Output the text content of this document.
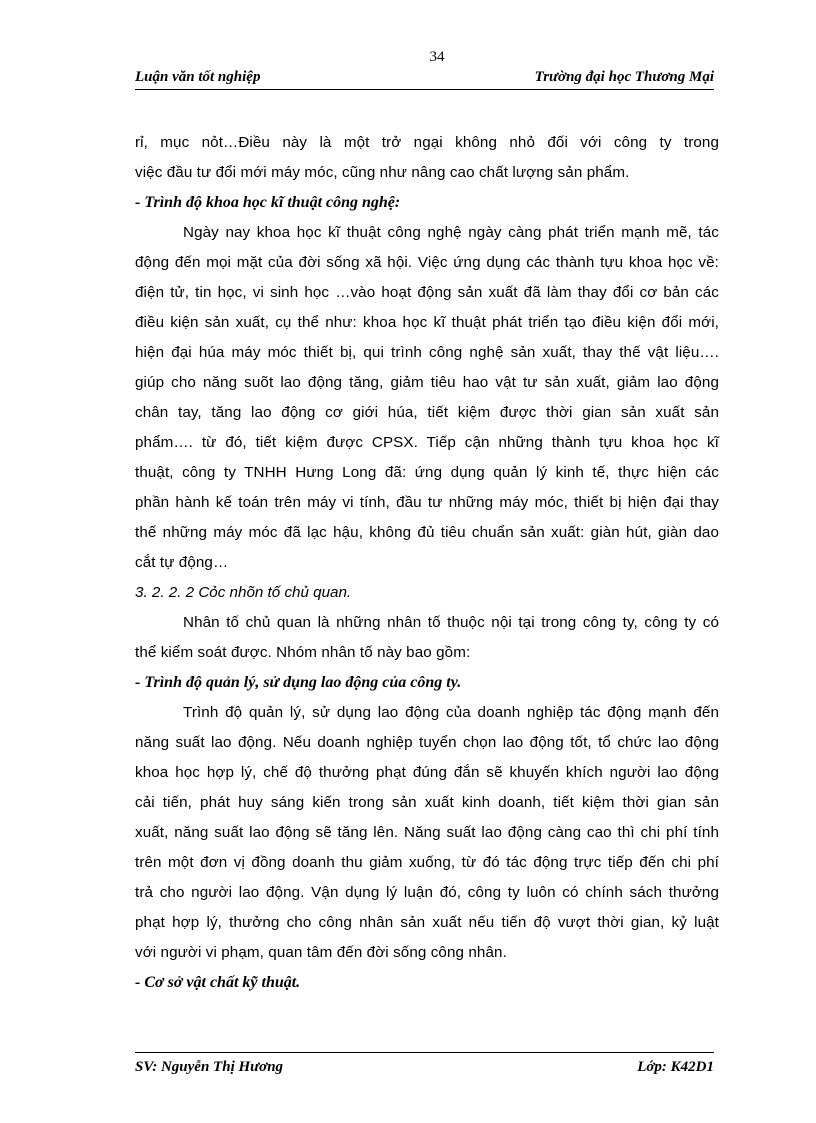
34
Luận văn tốt nghiệp	Trường đại học Thương Mại
rỉ, mục nỏt…Điều này là một trở ngại không nhỏ đối với công ty trong
việc đầu tư đổi mới máy móc, cũng như nâng cao chất lượng sản phẩm.
- Trình độ khoa học kĩ thuật công nghệ:
Ngày nay khoa học kĩ thuật công nghệ ngày càng phát triển mạnh mẽ, tác
động đến mọi mặt của đời sống xã hội. Việc ứng dụng các thành tựu khoa học về:
điện tử, tin học, vi sinh học …vào hoạt động sản xuất đã làm thay đổi cơ bản các
điều kiện sản xuất, cụ thể như: khoa học kĩ thuật phát triển tạo điều kiện đổi mới,
hiện đại húa máy móc thiết bị, qui trình công nghệ sản xuất, thay thế vật liệu….
giúp cho năng suõt lao động tăng, giảm tiêu hao vật tư sản xuất, giảm lao động
chân tay, tăng lao động cơ giới húa, tiết kiệm được thời gian sản xuất sản
phẩm…. từ đó, tiết kiệm được CPSX. Tiếp cận những thành tựu khoa học kĩ
thuật, công ty TNHH Hưng Long đã: ứng dụng quản lý kinh tế, thực hiện các
phần hành kế toán trên máy vi tính, đầu tư những máy móc, thiết bị hiện đại thay
thế những máy móc đã lạc hậu, không đủ tiêu chuẩn sản xuất: giàn hút, giàn dao
cắt tự động…
3. 2. 2. 2 Cỏc nhõn tố chủ quan.
Nhân tố chủ quan là những nhân tố thuộc nội tại trong công ty, công ty có
thể kiểm soát được. Nhóm nhân tố này bao gồm:
- Trình độ quản lý, sử dụng lao động của công ty.
Trình độ quản lý, sử dụng lao động của doanh nghiệp tác động mạnh đến
năng suất lao động. Nếu doanh nghiệp tuyển chọn lao động tốt, tổ chức lao động
khoa học hợp lý, chế độ thưởng phạt đúng đắn sẽ khuyến khích người lao động
cải tiến, phát huy sáng kiến trong sản xuất kinh doanh, tiết kiệm thời gian sản
xuất, năng suất lao động sẽ tăng lên. Năng suất lao động càng cao thì chi phí tính
trên một đơn vị đồng doanh thu giảm xuống, từ đó tác động trực tiếp đến chi phí
trả cho người lao động. Vận dụng lý luận đó, công ty luôn có chính sách thưởng
phạt hợp lý, thưởng cho công nhân sản xuất nếu tiến độ vượt thời gian, kỷ luật
với người vi phạm, quan tâm đến đời sống công nhân.
- Cơ sở vật chất kỹ thuật.
SV: Nguyễn Thị Hương	Lớp: K42D1
